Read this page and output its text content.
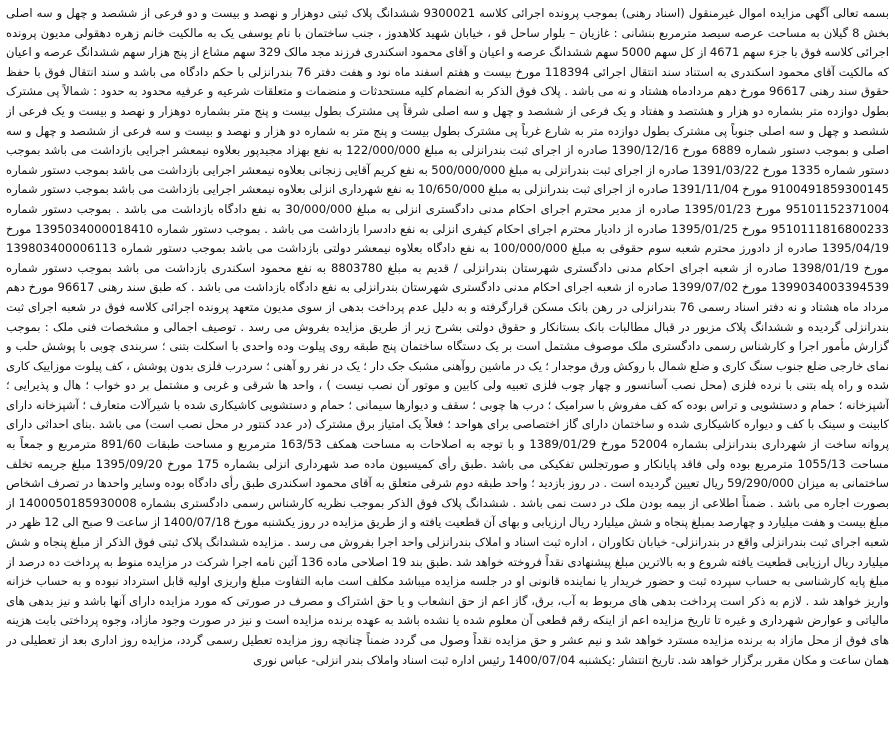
بسمه تعالی آگهی مزایده اموال غیرمنقول (اسناد رهنی) بموجب پرونده اجرائی کلاسه 9300021 ششدانگ پلاک ثبتی دوهزار و نهصد و بیست و دو فرعی از ششصد و چهل و سه اصلی بخش 8 گیلان به مساحت عرصه سیصد مترمربع بنشانی : غازیان – بلوار ساحل قو ، خیابان شهید کلاهدوز ، جنب ساختمان با نام یوسفی یک به مالکیت خانم زهره دهقولی مدیون پرونده اجرائی کلاسه فوق با جزء سهم 4671 از کل سهم 5000 سهم ششدانگ عرصه و اعیان و آقای محمود اسکندری فرزند مجد مالک 329 سهم مشاع از پنج هزار سهم ششدانگ عرصه و اعیان که مالکیت آقای محمود اسکندری به استناد سند انتقال اجرائی 118394 مورخ بیست و هفتم اسفند ماه نود و هفت دفتر 76 بندرانزلی با حکم دادگاه می باشد و سند انتقال فوق با حفظ حقوق سند رهنی 96617 مورخ دهم مردادماه هشتاد و نه می باشد . پلاک فوق الذکر به انضمام کلیه مستحدثات و منضمات و متعلقات شرعیه و عرفیه محدود به حدود : شمالاً پی مشترک بطول دوازده متر بشماره دو هزار و هشتصد و هفتاد و یک فرعی از ششصد و چهل و سه اصلی شرقاً پی مشترک بطول بیست و پنج متر بشماره دوهزار و نهصد و بیست و یک فرعی از ششصد و چهل و سه اصلی جنوباً پی مشترک بطول دوازده متر به شارع غرباً پی مشترک بطول بیست و پنج متر به شماره دو هزار و نهصد و بیست و سه فرعی از ششصد و چهل و سه اصلی و بموجب دستور شماره 6889 مورخ 1390/12/16 صادره از اجرای ثبت بندرانزلی به مبلغ 122/000/000 به نفع بهزاد مجیدپور بعلاوه نیمعشر اجرایی بازداشت می باشد بموجب دستور شماره 1335 مورخ 1391/03/22 صادره از اجرای ثبت بندرانزلی به مبلغ 500/000/000 به نفع کریم آقایی زنجانی بعلاوه نیمعشر اجرایی بازداشت می باشد بموجب دستور شماره 9100491859300145 مورخ 1391/11/04 صادره از اجرای ثبت بندرانزلی به مبلغ 10/650/000 به نفع شهرداری انزلی بعلاوه نیمعشر اجرایی بازداشت می باشد بموجب دستور شماره 95101152371004 مورخ 1395/01/23 صادره از مدیر محترم اجرای احکام مدنی دادگستری انزلی به مبلغ 30/000/000 به نفع دادگاه بازداشت می باشد . بموجب دستور شماره 9510111816800233 مورخ 1395/01/25 صادره از دادیار محترم اجرای احکام کیفری انزلی به نفع دادسرا بازداشت می باشد . بموجب دستور شماره 1395034000018410 مورخ 1395/04/19 صادره از دادورز محترم شعبه سوم حقوقی به مبلغ 100/000/000 به نفع دادگاه بعلاوه نیمعشر دولتی بازداشت می باشد بموجب دستور شماره 139803400006113 مورخ 1398/01/19 صادره از شعبه اجرای احکام مدنی دادگستری شهرستان بندرانزلی / قدیم به مبلغ 8803780 به نفع محمود اسکندری بازداشت می باشد بموجب دستور شماره 1399034003394539 مورخ 1399/07/02 صادره از شعبه اجرای احکام مدنی دادگستری شهرستان بندرانزلی به نفع دادگاه بازداشت می باشد . که طبق سند رهنی 96617 مورخ دهم مرداد ماه هشتاد و نه دفتر اسناد رسمی 76 بندرانزلی در رهن بانک مسکن قرارگرفته و به دلیل عدم پرداخت بدهی از سوی مدیون متعهد پرونده اجرائی کلاسه فوق در شعبه اجرای ثبت بندرانزلی گردیده و ششدانگ پلاک مزبور در قبال مطالبات بانک بستانکار و حقوق دولتی بشرح زیر از طریق مزایده بفروش می رسد . توصیف اجمالی و مشخصات فنی ملک : بموجب گزارش مأمور اجرا و کارشناس رسمی دادگستری ملک موصوف مشتمل است بر یک دستگاه ساختمان پنج طبقه روی پیلوت وده واحدی با اسکلت بتنی ؛ سربندی چوبی با پوشش حلب و نمای خارجی ضلع جنوب سنگ کاری و ضلع شمال با روکش ورق موجدار ؛ یک در ماشین روآهنی مشبک جک دار ؛ یک در نفر رو آهنی ؛ سردرب فلزی بدون پوشش ، کف پیلوت موزاییک کاری شده و راه پله بتنی با نرده فلزی (محل نصب آسانسور و چهار چوب فلزی تعبیه ولی کابین و موتور آن نصب نیست ) ، واحد ها شرقی و غربی و مشتمل بر دو خواب ؛ هال و پذیرایی ؛ آشپزخانه ؛ حمام و دستشویی و تراس بوده که کف مفروش با سرامیک ؛ درب ها چوبی ؛ سقف و دیوارها سیمانی ؛ حمام و دستشویی کاشیکاری شده با شیرآلات متعارف ؛ آشپزخانه دارای کابینت و سینک با کف و دیواره کاشیکاری شده و ساختمان دارای گاز اختصاصی برای هواحد ؛ فعلاً یک امتیاز برق مشترک (در عدد کنتور در محل نصب است) می باشد .بنای احداثی دارای پروانه ساخت از شهرداری بندرانزلی بشماره 52004 مورخ 1389/01/29 و با توجه به اصلاحات به مساحت همکف 163/53 مترمربع و مساحت طبقات 891/60 مترمربع و جمعاً به مساحت 1055/13 مترمربع بوده ولی فاقد پایانکار و صورتجلس تفکیکی می باشد .طبق رأی کمیسیون ماده صد شهرداری انزلی بشماره 175 مورخ 1395/09/20 مبلغ جریمه تخلف ساختمانی به میزان 59/290/000 ریال تعیین گردیده است . در روز بازدید ؛ واحد طبقه دوم شرقی متعلق به آقای محمود اسکندری طبق رأی دادگاه بوده وسایر واحدها در تصرف اشخاص بصورت اجاره می باشد . ضمناً اطلاعی از بیمه بودن ملک در دست نمی باشد . ششدانگ پلاک فوق الذکر بموجب نظریه کارشناس رسمی دادگستری بشماره 1400050185930008 از مبلغ بیست و هفت میلیارد و چهارصد بمبلغ پنجاه و شش میلیارد ریال ارزیابی و بهای آن قطعیت یافته و از طریق مزایده در روز یکشنبه مورخ 1400/07/18 از ساعت 9 صبح الی 12 ظهر در شعبه اجرای ثبت بندرانزلی واقع در بندرانزلی- خیابان تکاوران ، اداره ثبت اسناد و املاک بندرانزلی واحد اجرا بفروش می رسد . مزایده ششدانگ پلاک ثبتی فوق الذکر از مبلغ پنجاه و شش میلیارد ریال ارزیابی قطعیت یافته شروع و به بالاترین مبلغ پیشنهادی نقداً فروخته خواهد شد .طبق بند 19 اصلاحی ماده 136 آئین نامه اجرا شرکت در مزایده منوط به پرداخت ده درصد از مبلغ پایه کارشناسی به حساب سپرده ثبت و حضور خریدار یا نماینده قانونی او در جلسه مزایده میباشد مکلف است مابه التفاوت مبلغ واریزی اولیه قابل استرداد نبوده و به حساب خزانه واریز خواهد شد . لازم به ذکر است پرداخت بدهی های مربوط به آب، برق، گاز اعم از حق انشعاب و یا حق اشتراک و مصرف در صورتی که مورد مزایده دارای آنها باشد و نیز بدهی های مالیاتی و عوارض شهرداری و غیره تا تاریخ مزایده اعم از اینکه رقم قطعی آن معلوم شده یا نشده باشد به عهده برنده مزایده است و نیز در صورت وجود مازاد، وجوه پرداختی بابت هزینه های فوق از محل مازاد به برنده مزایده مسترد خواهد شد و نیم عشر و حق مزایده نقداً وصول می گردد ضمناً چنانچه روز مزایده تعطیل رسمی گردد، مزایده روز اداری بعد از تعطیلی در همان ساعت و مکان مقرر برگزار خواهد شد. تاریخ انتشار :یکشنبه 1400/07/04 رئیس اداره ثبت اسناد واملاک بندر انزلی- عباس نوری
